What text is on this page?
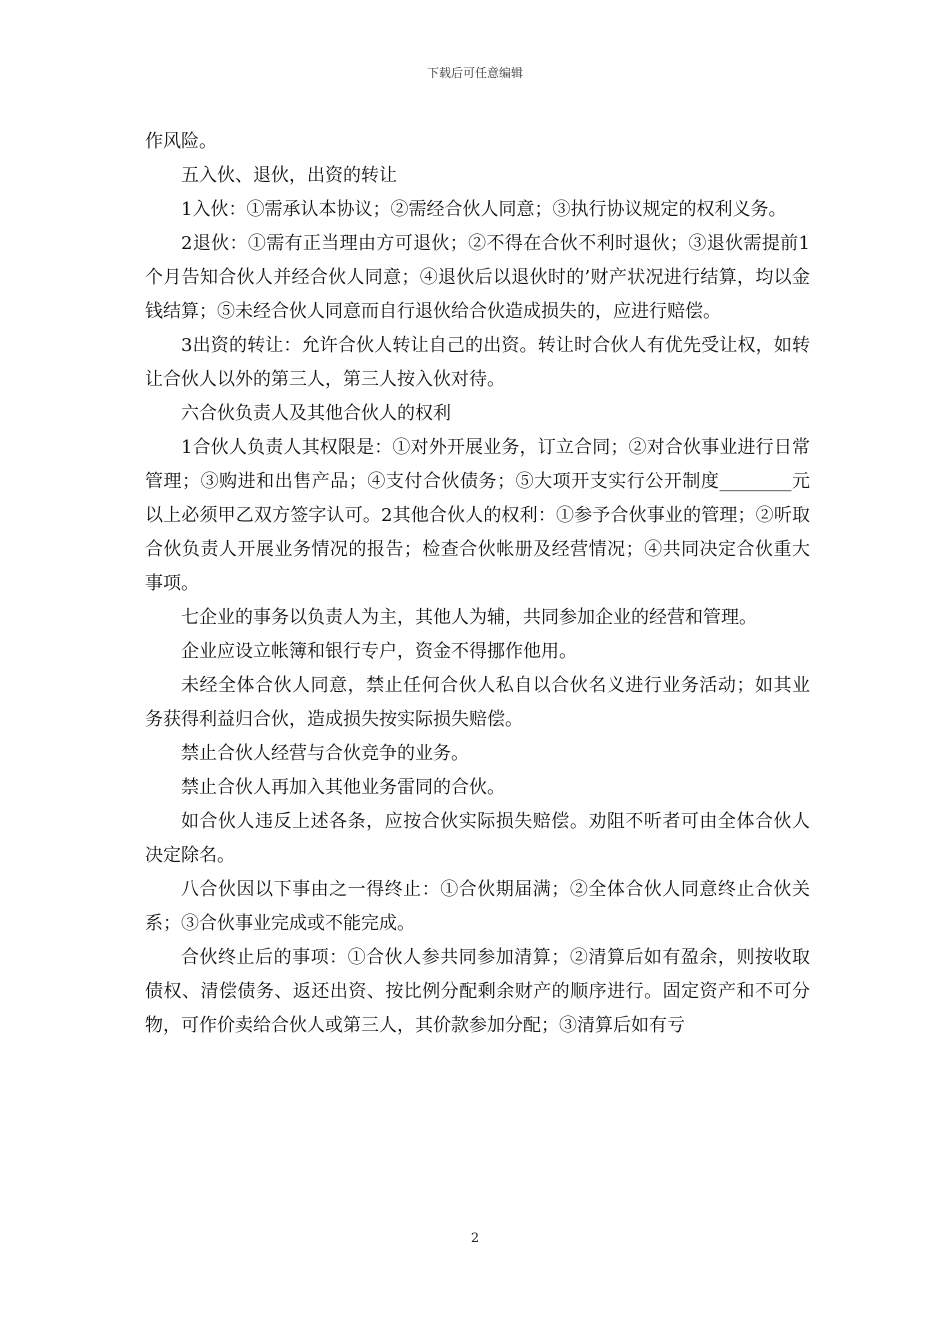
下载后可任意编辑

作风险。

五入伙、退伙，出资的转让

1入伙：①需承认本协议；②需经合伙人同意；③执行协议规定的权利义务。

2退伙：①需有正当理由方可退伙；②不得在合伙不利时退伙；③退伙需提前1个月告知合伙人并经合伙人同意；④退伙后以退伙时的’财产状况进行结算，均以金钱结算；⑤未经合伙人同意而自行退伙给合伙造成损失的，应进行赔偿。

3出资的转让：允许合伙人转让自己的出资。转让时合伙人有优先受让权，如转让合伙人以外的第三人，第三人按入伙对待。

六合伙负责人及其他合伙人的权利

1合伙人负责人其权限是：①对外开展业务，订立合同；②对合伙事业进行日常管理；③购进和出售产品；④支付合伙债务；⑤大项开支实行公开制度________元以上必须甲乙双方签字认可。2其他合伙人的权利：①参予合伙事业的管理；②听取合伙负责人开展业务情况的报告；检查合伙帐册及经营情况；④共同决定合伙重大事项。

七企业的事务以负责人为主，其他人为辅，共同参加企业的经营和管理。

企业应设立帐簿和银行专户，资金不得挪作他用。

未经全体合伙人同意，禁止任何合伙人私自以合伙名义进行业务活动；如其业务获得利益归合伙，造成损失按实际损失赔偿。

禁止合伙人经营与合伙竞争的业务。

禁止合伙人再加入其他业务雷同的合伙。

如合伙人违反上述各条，应按合伙实际损失赔偿。劝阻不听者可由全体合伙人决定除名。

八合伙因以下事由之一得终止：①合伙期届满；②全体合伙人同意终止合伙关系；③合伙事业完成或不能完成。

合伙终止后的事项：①合伙人参共同参加清算；②清算后如有盈余，则按收取债权、清偿债务、返还出资、按比例分配剩余财产的顺序进行。固定资产和不可分物，可作价卖给合伙人或第三人，其价款参加分配；③清算后如有亏

2
